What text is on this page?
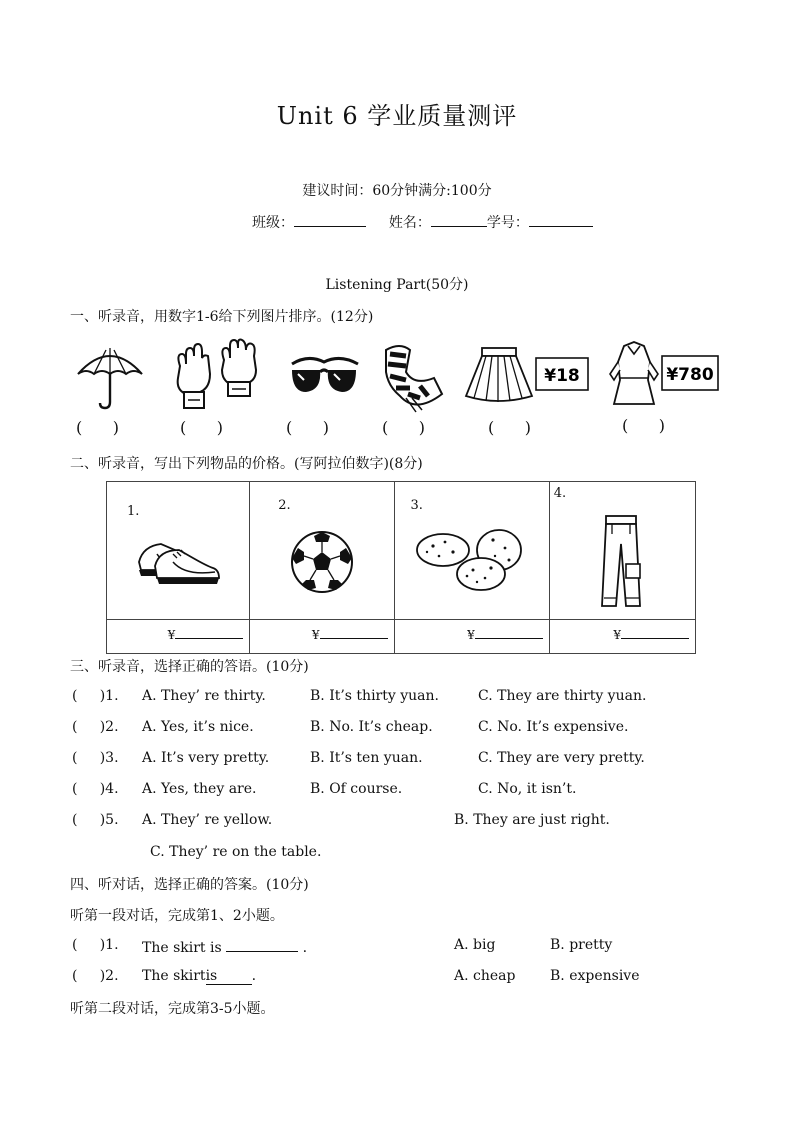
Unit 6 学业质量测评
建议时间：60分钟满分:100分
班级：	姓名：	学号：
Listening Part(50分)
一、听录音，用数字1-6给下列图片排序。(12分)
¥18	¥780
(      )	(      )	(      )	(      )	(      )	(      )
二、听录音，写出下列物品的价格。(写阿拉伯数字)(8分)
1.	2.	3.	4.

¥	¥	¥	¥
三、听录音，选择正确的答语。(10分)
(     )1. A. They’ re thirty.	B. It’s thirty yuan.	C. They are thirty yuan.
(     )2. A. Yes, it’s nice.	B. No. It’s cheap.	C. No. It’s expensive.
(     )3. A. It’s very pretty.	B. It’s ten yuan.	C. They are very pretty.
(     )4. A. Yes, they are.	B. Of course.	C. No, it isn’t.
(     )5. A. They’ re yellow.	B. They are just right.
C. They’ re on the table.
四、听对话，选择正确的答案。(10分)
听第一段对话，完成第1、2小题。
(     )1. The skirt is	.	A. big	B. pretty
(     )2. The skirtis .	A. cheap B. expensive
听第二段对话，完成第3-5小题。
